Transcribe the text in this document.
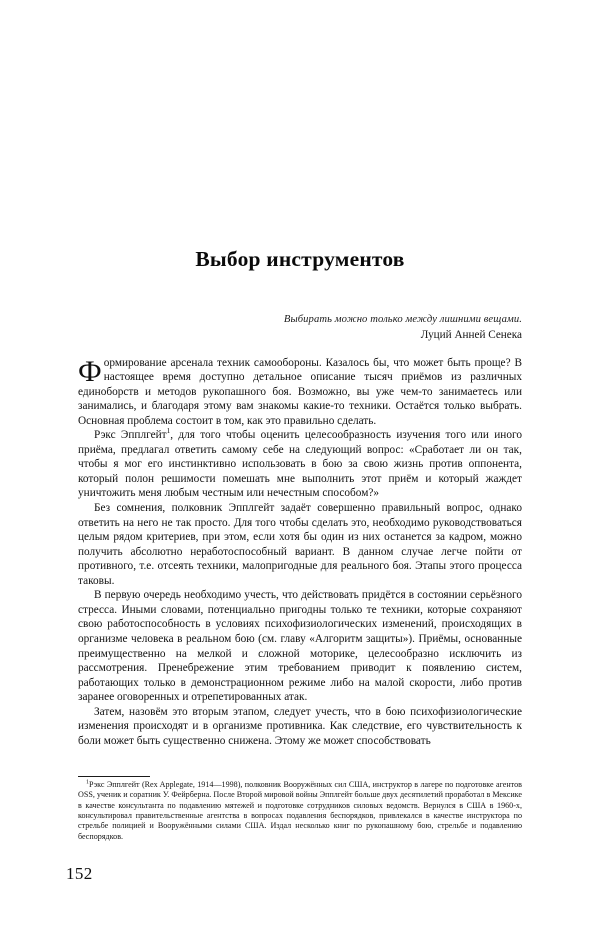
Выбор инструментов
Выбирать можно только между лишними вещами.
Луций Анней Сенека

Формирование арсенала техник самообороны. Казалось бы, что может быть проще? В настоящее время доступно детальное описание тысяч приёмов из различных единоборств и методов рукопашного боя. Возможно, вы уже чем-то занимаетесь или занимались, и благодаря этому вам знакомы какие-то техники. Остаётся только выбрать. Основная проблема состоит в том, как это правильно сделать.

Рэкс Эпплгейт$^1$, для того чтобы оценить целесообразность изучения того или иного приёма, предлагал ответить самому себе на следующий вопрос: «Сработает ли он так, чтобы я мог его инстинктивно использовать в бою за свою жизнь против оппонента, который полон решимости помешать мне выполнить этот приём и который жаждет уничтожить меня любым честным или нечестным способом?»

Без сомнения, полковник Эпплгейт задаёт совершенно правильный вопрос, однако ответить на него не так просто. Для того чтобы сделать это, необходимо руководствоваться целым рядом критериев, при этом, если хотя бы один из них останется за кадром, можно получить абсолютно неработоспособный вариант. В данном случае легче пойти от противного, т.е. отсеять техники, малопригодные для реального боя. Этапы этого процесса таковы.

В первую очередь необходимо учесть, что действовать придётся в состоянии серьёзного стресса. Иными словами, потенциально пригодны только те техники, которые сохраняют свою работоспособность в условиях психофизиологических изменений, происходящих в организме человека в реальном бою (см. главу «Алгоритм защиты»). Приёмы, основанные преимущественно на мелкой и сложной моторике, целесообразно исключить из рассмотрения. Пренебрежение этим требованием приводит к появлению систем, работающих только в демонстрационном режиме либо на малой скорости, либо против заранее оговоренных и отрепетированных атак.

Затем, назовём это вторым этапом, следует учесть, что в бою психофизиологические изменения происходят и в организме противника. Как следствие, его чувствительность к боли может быть существенно снижена. Этому же может способствовать

$^1$Рэкс Эпплгейт (Rex Applegate, 1914—1998), полковник Вооружённых сил США, инструктор в лагере по подготовке агентов OSS, ученик и соратник У. Фейрберна. После Второй мировой войны Эпплгейт больше двух десятилетий проработал в Мексике в качестве консультанта по подавлению мятежей и подготовке сотрудников силовых ведомств. Вернулся в США в 1960-х, консультировал правительственные агентства в вопросах подавления беспорядков, привлекался в качестве инструктора по стрельбе полицией и Вооружёнными силами США. Издал несколько книг по рукопашному бою, стрельбе и подавлению беспорядков.

152
